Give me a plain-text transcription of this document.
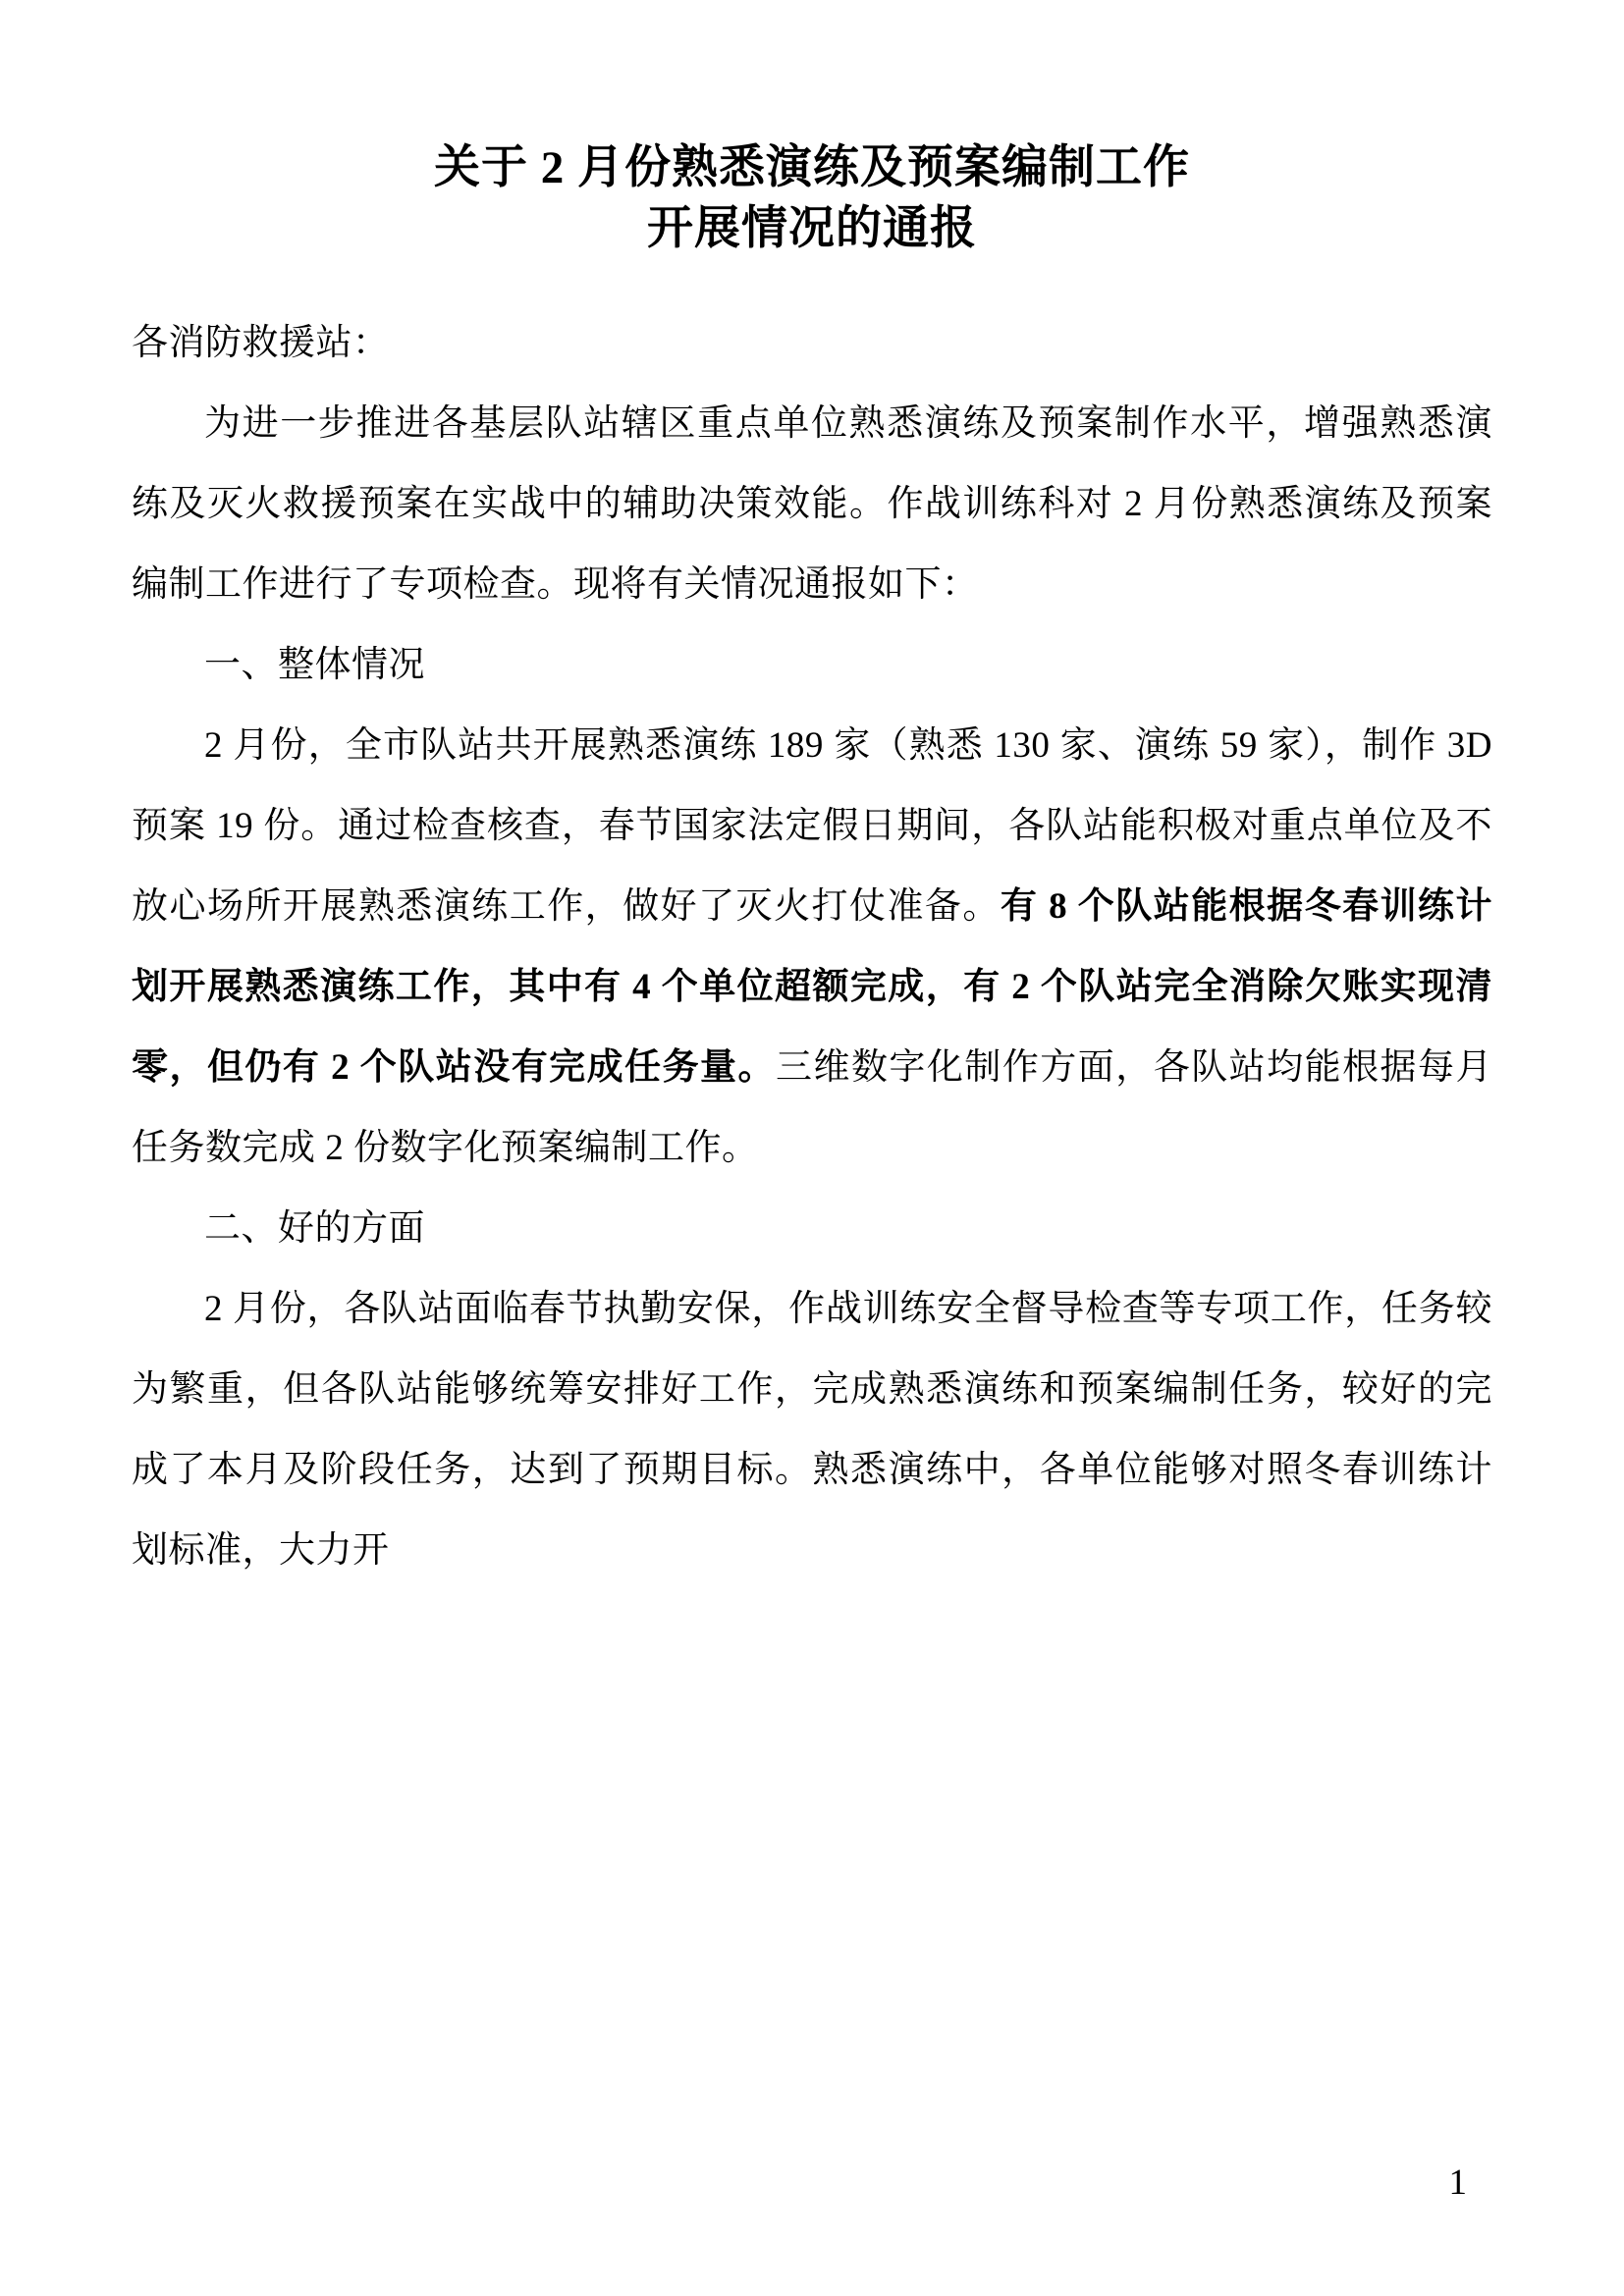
关于 2 月份熟悉演练及预案编制工作
开展情况的通报

各消防救援站：

为进一步推进各基层队站辖区重点单位熟悉演练及预案制作水平，增强熟悉演练及灭火救援预案在实战中的辅助决策效能。作战训练科对 2 月份熟悉演练及预案编制工作进行了专项检查。现将有关情况通报如下：

一、整体情况

2 月份，全市队站共开展熟悉演练 189 家（熟悉 130 家、演练 59 家），制作 3D 预案 19 份。通过检查核查，春节国家法定假日期间，各队站能积极对重点单位及不放心场所开展熟悉演练工作，做好了灭火打仗准备。有 8 个队站能根据冬春训练计划开展熟悉演练工作，其中有 4 个单位超额完成，有 2 个队站完全消除欠账实现清零，但仍有 2 个队站没有完成任务量。三维数字化制作方面，各队站均能根据每月任务数完成 2 份数字化预案编制工作。

二、好的方面

2 月份，各队站面临春节执勤安保，作战训练安全督导检查等专项工作，任务较为繁重，但各队站能够统筹安排好工作，完成熟悉演练和预案编制任务，较好的完成了本月及阶段任务，达到了预期目标。熟悉演练中，各单位能够对照冬春训练计划标准，大力开

1
